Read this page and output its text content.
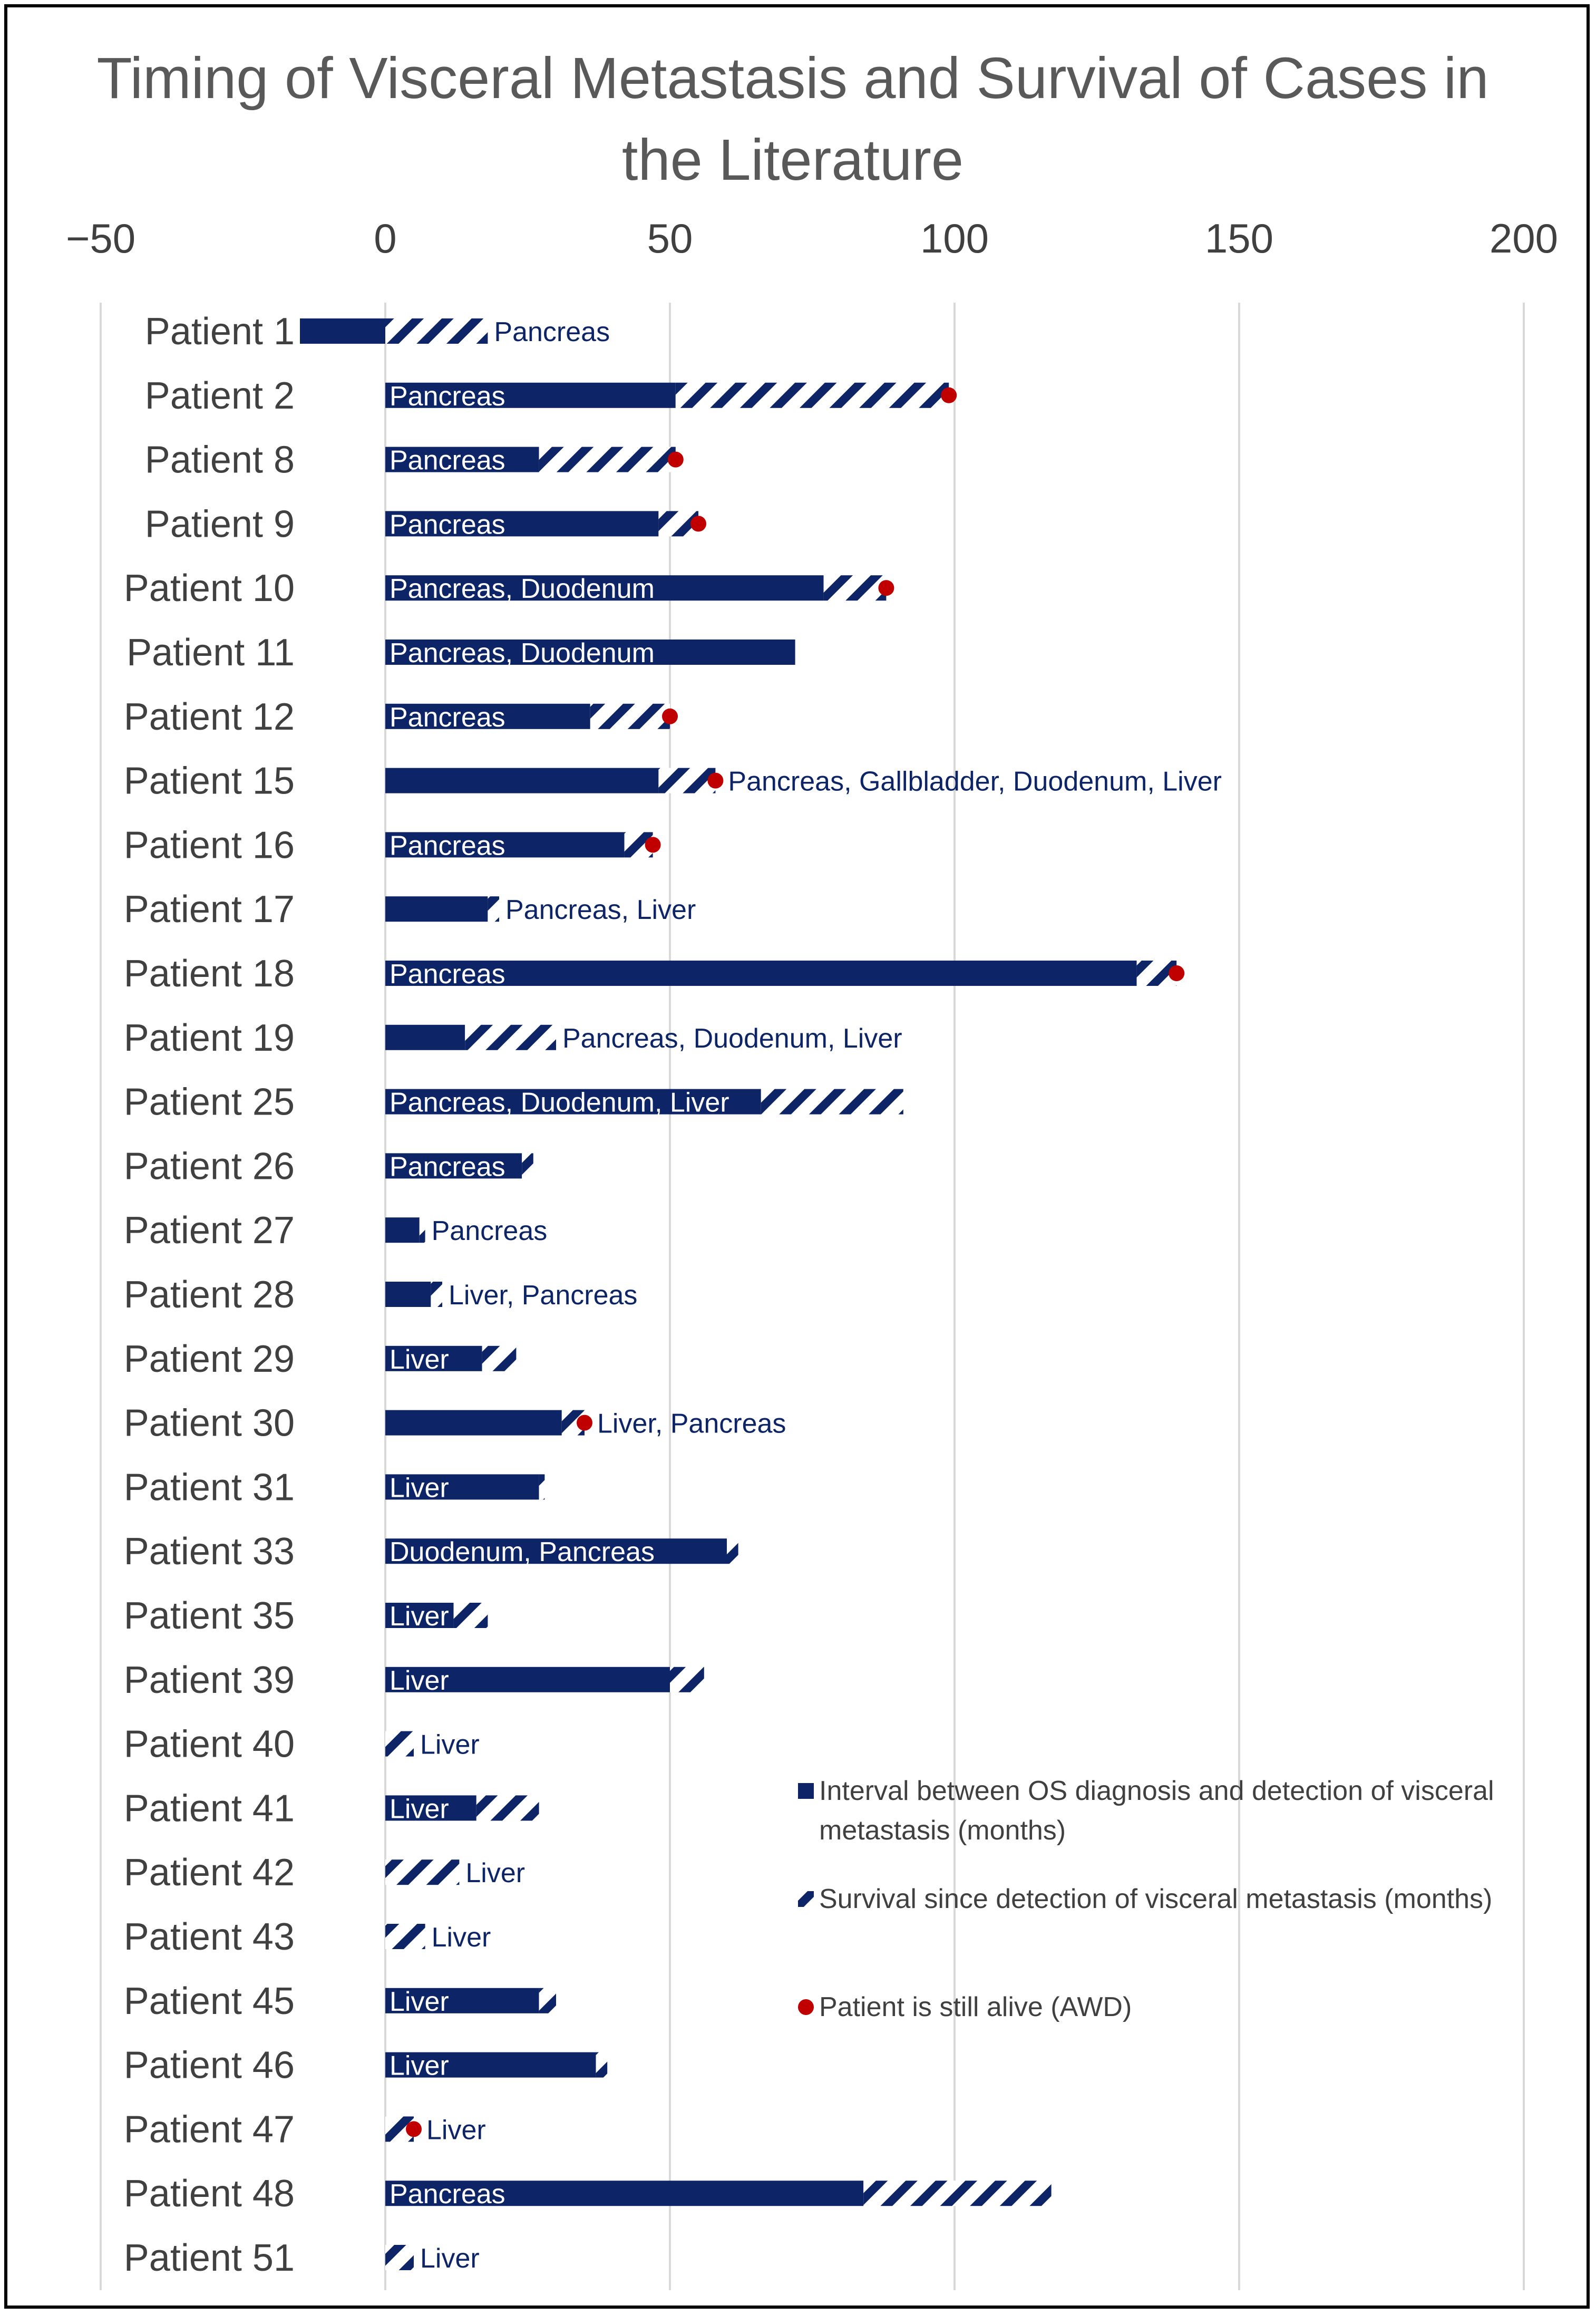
Timing of Visceral Metastasis and Survival of Cases in
the Literature
−50	0	50	100	150	200
Pancreas
Pancreas
Pancreas
Pancreas
Pancreas, Duodenum
Pancreas, Duodenum
Pancreas
Pancreas, Gallbladder, Duodenum, Liver
Pancreas
Pancreas, Liver
Pancreas
Pancreas, Duodenum, Liver
Pancreas, Duodenum, Liver
Pancreas
Pancreas
Liver, Pancreas
Liver
Liver, Pancreas
Liver
Duodenum, Pancreas
Liver
Liver
Liver
Liver
Liver
Liver
Liver
Liver
Liver
Pancreas
Liver
Patient 1
Patient 2
Patient 8
Patient 9
Patient 10
Patient 11
Patient 12
Patient 15
Patient 16
Patient 17
Patient 18
Patient 19
Patient 25
Patient 26
Patient 27
Patient 28
Patient 29
Patient 30
Patient 31
Patient 33
Patient 35
Patient 39
Patient 40
Patient 41
Patient 42
Patient 43
Patient 45
Patient 46
Patient 47
Patient 48
Patient 51
Interval between OS diagnosis and detection of visceral
metastasis (months)
Survival since detection of visceral metastasis (months)
Patient is still alive (AWD)
